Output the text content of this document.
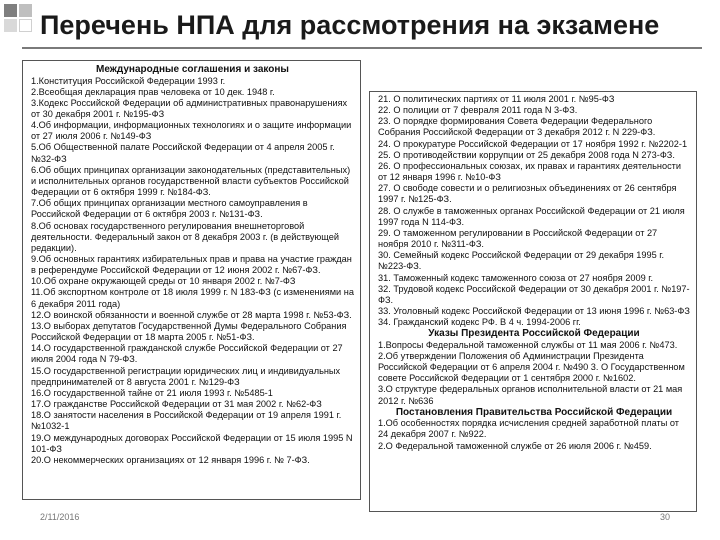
Перечень НПА для рассмотрения на экзамене
Международные соглашения и законы

1.Конституция Российской Федерации 1993 г.

2.Всеобщая декларация прав человека от 10 дек. 1948 г.

3.Кодекс Российской Федерации об административных правонарушениях от 30 декабря 2001 г. №195-ФЗ

4.Об информации, информационных технологиях и о защите информации от 27 июля 2006 г. №149-ФЗ

5.Об Общественной палате Российской Федерации от 4 апреля 2005 г. №32-ФЗ

6.Об общих принципах организации законодательных (представительных) и исполнительных органов государственной власти субъектов Российской Федерации от 6 октября 1999 г. №184-ФЗ.

7.Об общих принципах организации местного самоуправления в Российской Федерации от 6 октября 2003 г. №131-ФЗ.

8.Об основах государственного регулирования внешнеторговой деятельности. Федеральный закон от 8 декабря 2003 г. (в действующей редакции).

9.Об основных гарантиях избирательных прав и права на участие граждан в референдуме Российской Федерации от 12 июня 2002 г. №67-ФЗ.

10.Об охране окружающей среды от 10 января 2002 г. №7-ФЗ

11.Об экспортном контроле от 18 июля 1999 г. N 183-ФЗ (с изменениями на 6 декабря 2011 года)

12.О воинской обязанности и военной службе от 28 марта 1998 г. №53-ФЗ.

13.О выборах депутатов Государственной Думы Федерального Собрания Российской Федерации от 18 марта 2005 г. №51-ФЗ.

14.О государственной гражданской службе Российской Федерации от 27 июля 2004 года N 79-ФЗ.

15.О государственной регистрации юридических лиц и индивидуальных предпринимателей от 8 августа 2001 г. №129-ФЗ

16.О государственной тайне от 21 июля 1993 г. №5485-1

17.О гражданстве Российской Федерации от 31 мая 2002 г. №62-ФЗ

18.О занятости населения в Российской Федерации от 19 апреля 1991 г. №1032-1

19.О международных договорах Российской Федерации от 15 июля 1995 N 101-ФЗ

20.О некоммерческих организациях от 12 января 1996 г. № 7-ФЗ.

21. О политических партиях от 11 июля 2001 г. №95-ФЗ

22. О полиции от 7 февраля 2011 года N 3-ФЗ.

23. О порядке формирования Совета Федерации Федерального Собрания Российской Федерации от 3 декабря 2012 г. N 229-ФЗ.

24. О прокуратуре Российской Федерации от 17 ноября 1992 г. №2202-1

25. О противодействии коррупции от 25 декабря 2008 года N 273-ФЗ.

26. О профессиональных союзах, их правах и гарантиях деятельности от 12 января 1996 г. №10-ФЗ

27. О свободе совести и о религиозных объединениях от 26 сентября 1997 г. №125-ФЗ.

28. О службе в таможенных органах Российской Федерации от 21 июля 1997 года N 114-ФЗ.

29. О таможенном регулировании в Российской Федерации от 27 ноября 2010 г. №311-ФЗ.

30. Семейный кодекс Российской Федерации от 29 декабря 1995 г. №223-ФЗ.

31. Таможенный кодекс таможенного союза от 27 ноября 2009 г.

32. Трудовой кодекс Российской Федерации от 30 декабря 2001 г. №197-ФЗ.

33. Уголовный кодекс Российской Федерации от 13 июня 1996 г. №63-ФЗ

34. Гражданский кодекс РФ. В 4 ч. 1994-2006 гг.

Указы Президента Российской Федерации

1.Вопросы Федеральной таможенной службы от 11 мая 2006 г. №473.

2.Об утверждении Положения об Администрации Президента Российской Федерации от 6 апреля 2004 г. №490 3. О Государственном совете Российской Федерации от 1 сентября 2000 г. №1602.

3.О структуре федеральных органов исполнительной власти от 21 мая 2012 г. №636

Постановления Правительства Российской Федерации

1.Об особенностях порядка исчисления средней заработной платы от 24 декабря 2007 г. №922.

2.О Федеральной таможенной службе от 26 июля 2006 г. №459.

2/11/2016	30
